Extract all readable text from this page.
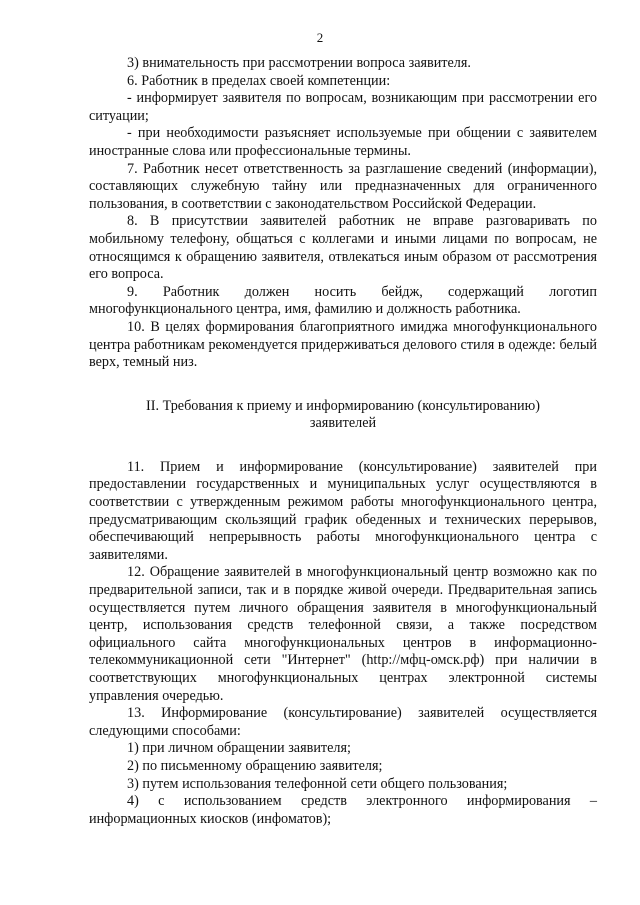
2

3) внимательность при рассмотрении вопроса заявителя.

6. Работник в пределах своей компетенции:

- информирует заявителя по вопросам, возникающим при рассмотрении его ситуации;

- при необходимости разъясняет используемые при общении с заявителем иностранные слова или профессиональные термины.

7. Работник несет ответственность за разглашение сведений (информации), составляющих служебную тайну или предназначенных для ограниченного пользования, в соответствии с законодательством Российской Федерации.

8. В присутствии заявителей работник не вправе разговаривать по мобильному телефону, общаться с коллегами и иными лицами по вопросам, не относящимся к обращению заявителя, отвлекаться иным образом от рассмотрения его вопроса.

9. Работник должен носить бейдж, содержащий логотип многофункционального центра, имя, фамилию и должность работника.

10. В целях формирования благоприятного имиджа многофункционального центра работникам рекомендуется придерживаться делового стиля в одежде: белый верх, темный низ.

II. Требования к приему и информированию (консультированию) заявителей

11. Прием и информирование (консультирование) заявителей при предоставлении государственных и муниципальных услуг осуществляются в соответствии с утвержденным режимом работы многофункционального центра, предусматривающим скользящий график обеденных и технических перерывов, обеспечивающий непрерывность работы многофункционального центра с заявителями.

12. Обращение заявителей в многофункциональный центр возможно как по предварительной записи, так и в порядке живой очереди. Предварительная запись осуществляется путем личного обращения заявителя в многофункциональный центр, использования средств телефонной связи, а также посредством официального сайта многофункциональных центров в информационно-телекоммуникационной сети "Интернет" (http://мфц-омск.рф) при наличии в соответствующих многофункциональных центрах электронной системы управления очередью.

13. Информирование (консультирование) заявителей осуществляется следующими способами:

1) при личном обращении заявителя;

2) по письменному обращению заявителя;

3) путем использования телефонной сети общего пользования;

4) с использованием средств электронного информирования – информационных киосков (инфоматов);
